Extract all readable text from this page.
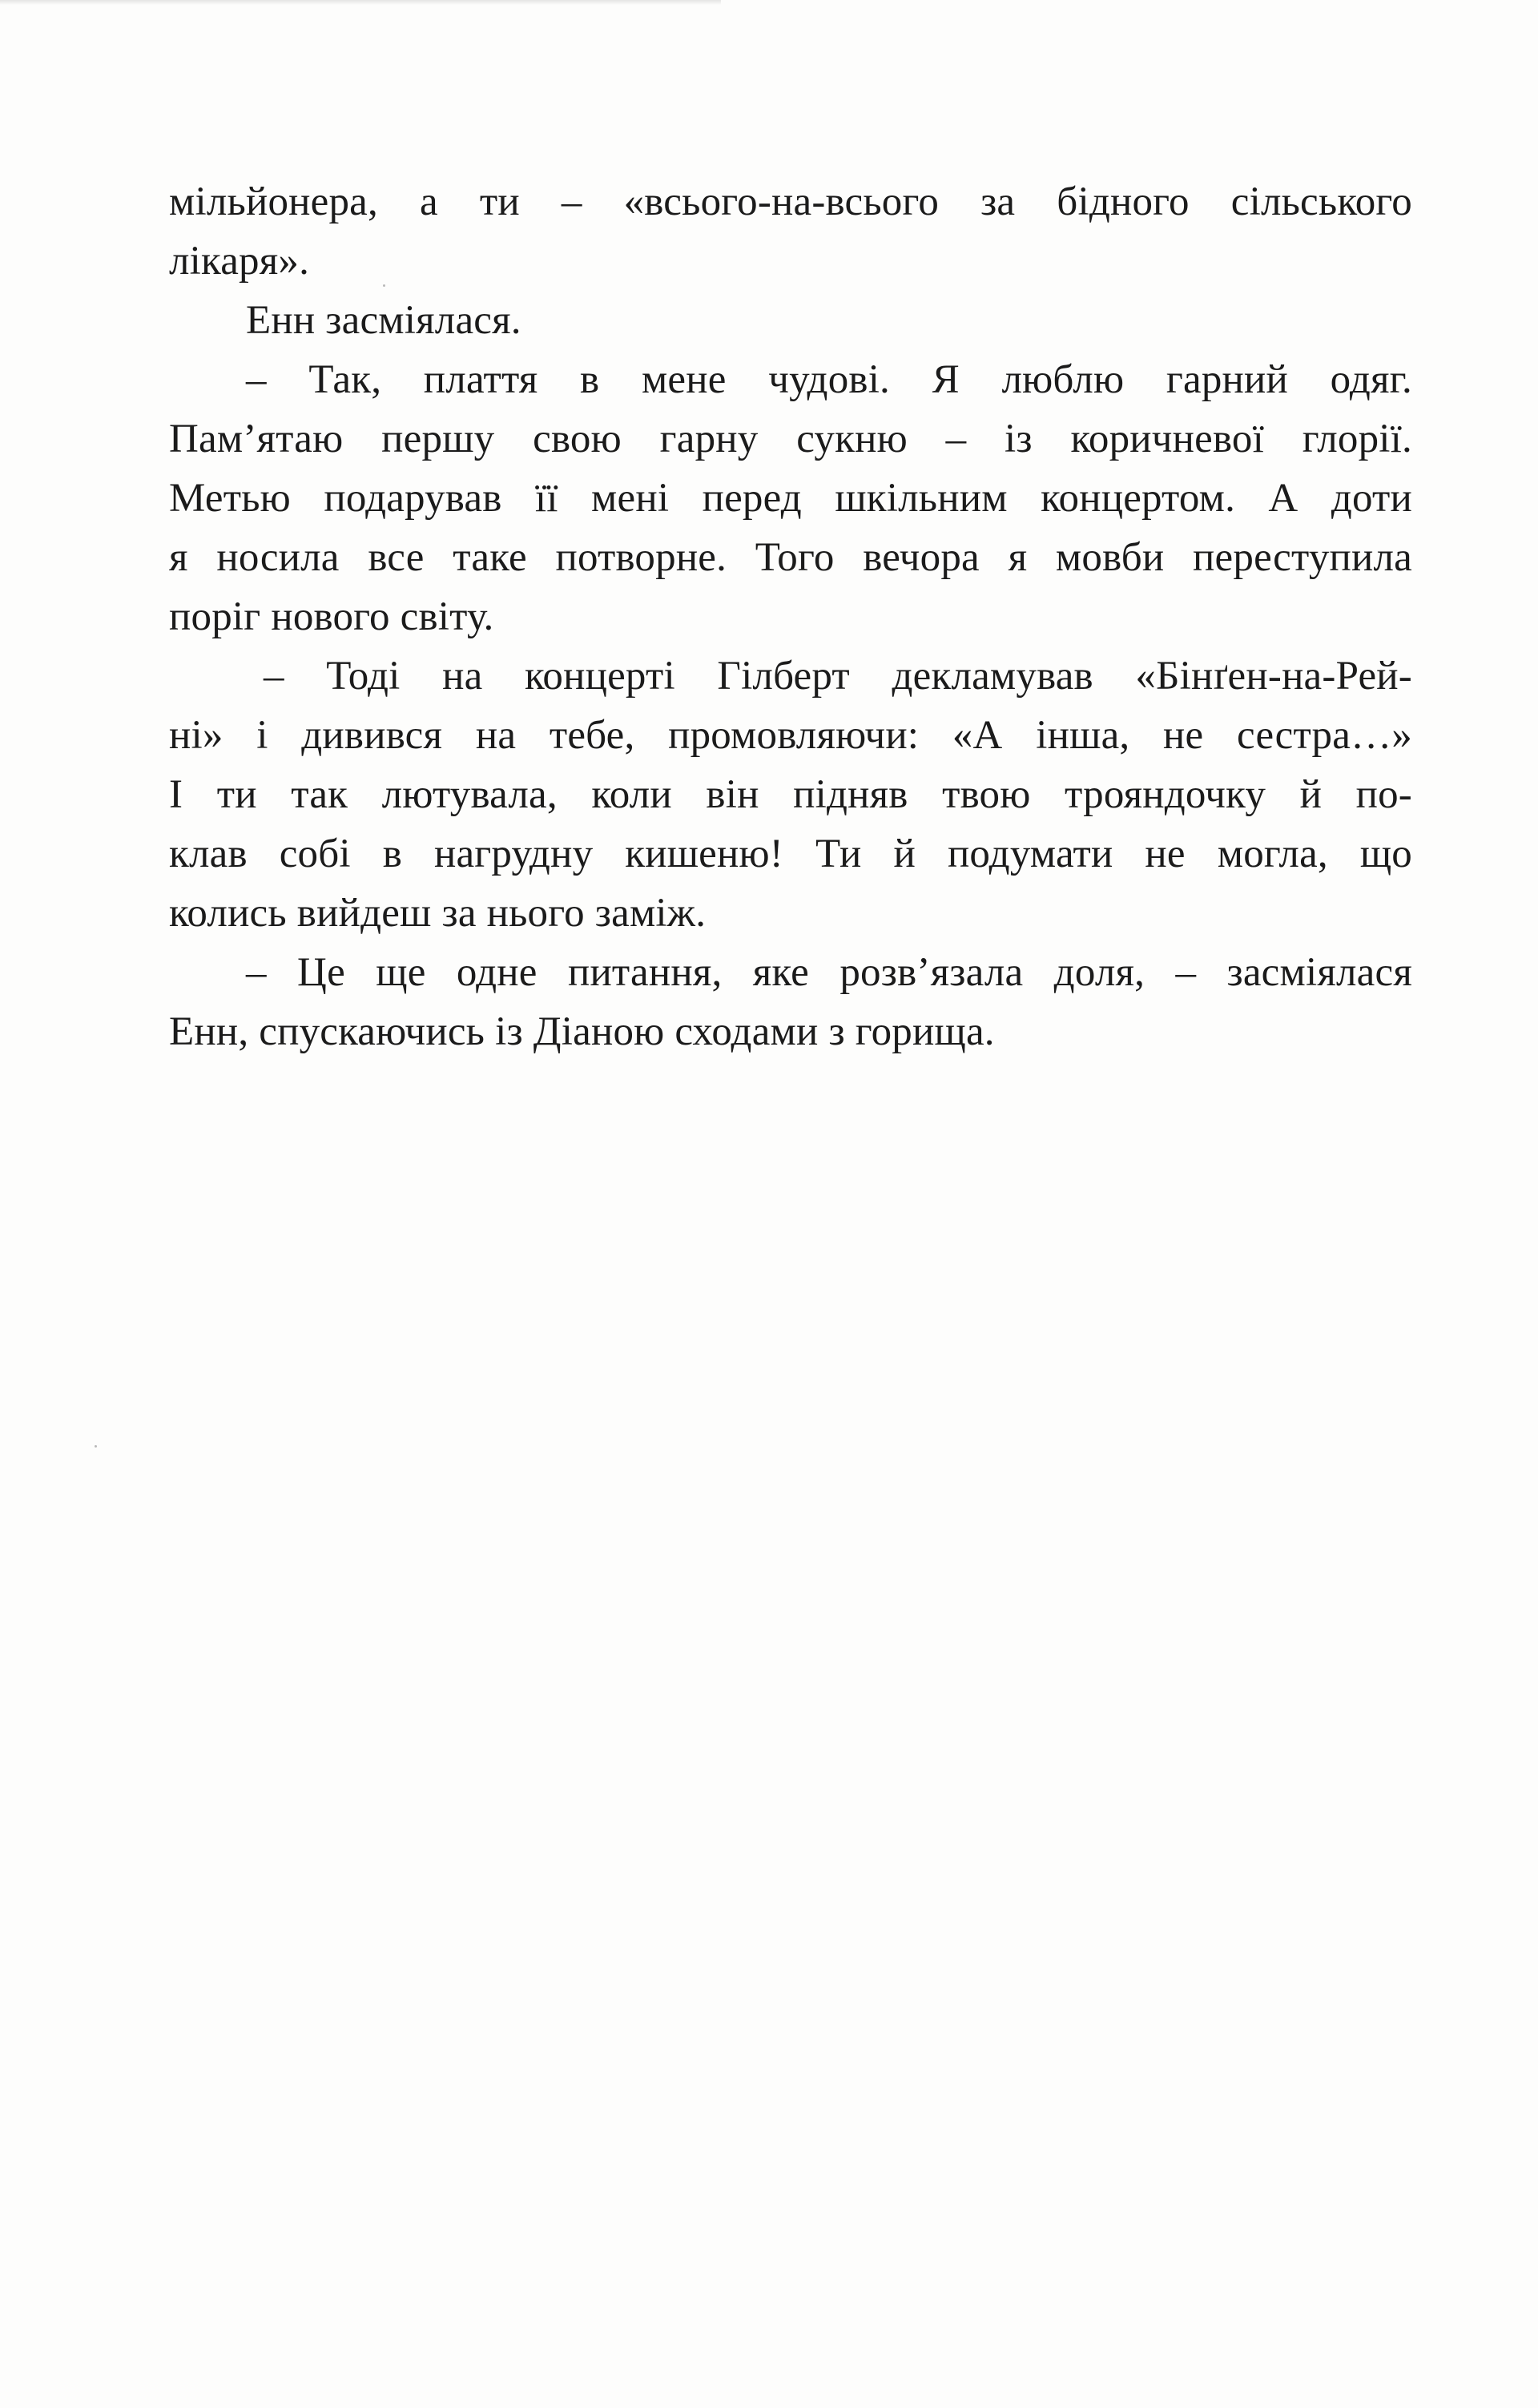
мільйонера, а ти – «всього-на-всього за бідного сільського
лікаря».
Енн засміялася.
– Так, плаття в мене чудові. Я люблю гарний одяг.
Пам’ятаю першу свою гарну сукню – із коричневої глорії.
Метью подарував її мені перед шкільним концертом. А доти
я носила все таке потворне. Того вечора я мовби переступила
поріг нового світу.
– Тоді на концерті Гілберт декламував «Бінґен-на-Рей-
ні» і дивився на тебе, промовляючи: «А інша, не сестра…»
І ти так лютувала, коли він підняв твою трояндочку й по-
клав собі в нагрудну кишеню! Ти й подумати не могла, що
колись вийдеш за нього заміж.
– Це ще одне питання, яке розв’язала доля, – засміялася
Енн, спускаючись із Діаною сходами з горища.
